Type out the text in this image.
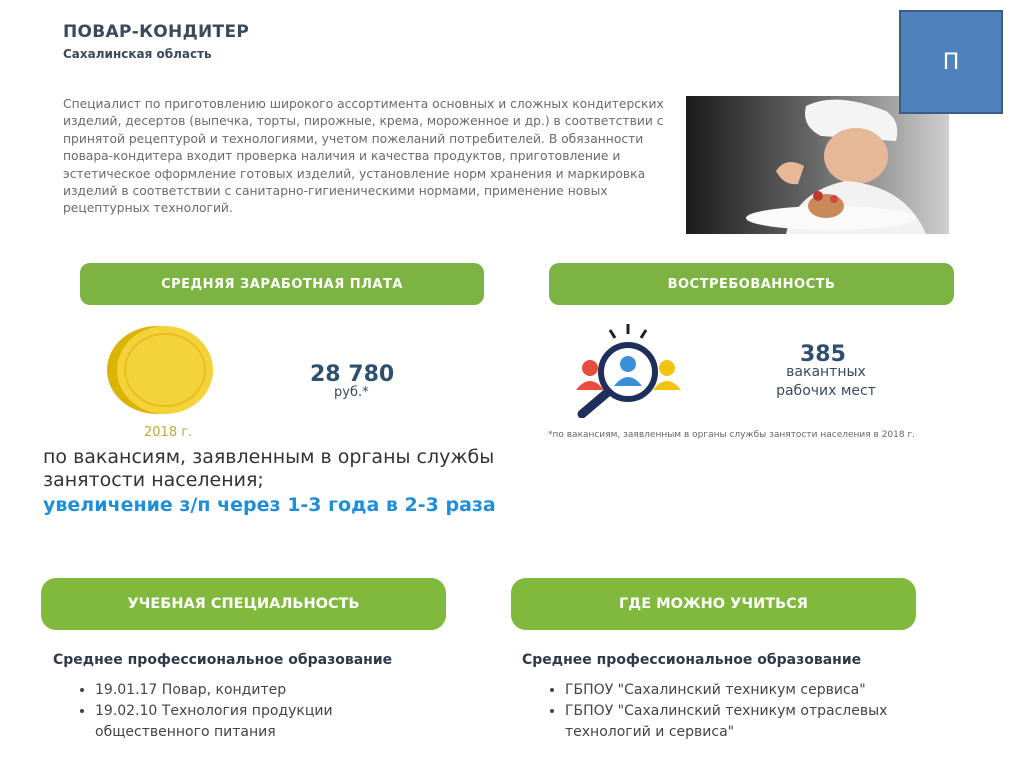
ПОВАР-КОНДИТЕР
Сахалинская область
Специалист по приготовлению широкого ассортимента основных и сложных кондитерских изделий, десертов (выпечка, торты, пирожные, крема, мороженное и др.) в соответствии с принятой рецептурой и технологиями, учетом пожеланий потребителей. В обязанности повара-кондитера входит проверка наличия и качества продуктов, приготовление и эстетическое оформление готовых изделий, установление норм хранения и маркировка изделий в соответствии с санитарно-гигиеническими нормами, применение новых рецептурных технологий.
П
СРЕДНЯЯ ЗАРАБОТНАЯ ПЛАТА
2018 г.
28 780
руб.*
ВОСТРЕБОВАННОСТЬ
385
вакантных
рабочих мест
*по вакансиям, заявленным в органы службы занятости населения в 2018 г.
по вакансиям, заявленным в органы службы занятости населения;
увеличение з/п через 1-3 года в 2-3 раза
УЧЕБНАЯ СПЕЦИАЛЬНОСТЬ	ГДЕ МОЖНО УЧИТЬСЯ
Среднее профессиональное образование
• 19.01.17 Повар, кондитер
• 19.02.10 Технология продукции общественного питания
Среднее профессиональное образование
• ГБПОУ "Сахалинский техникум сервиса"
• ГБПОУ "Сахалинский техникум отраслевых технологий и сервиса"
